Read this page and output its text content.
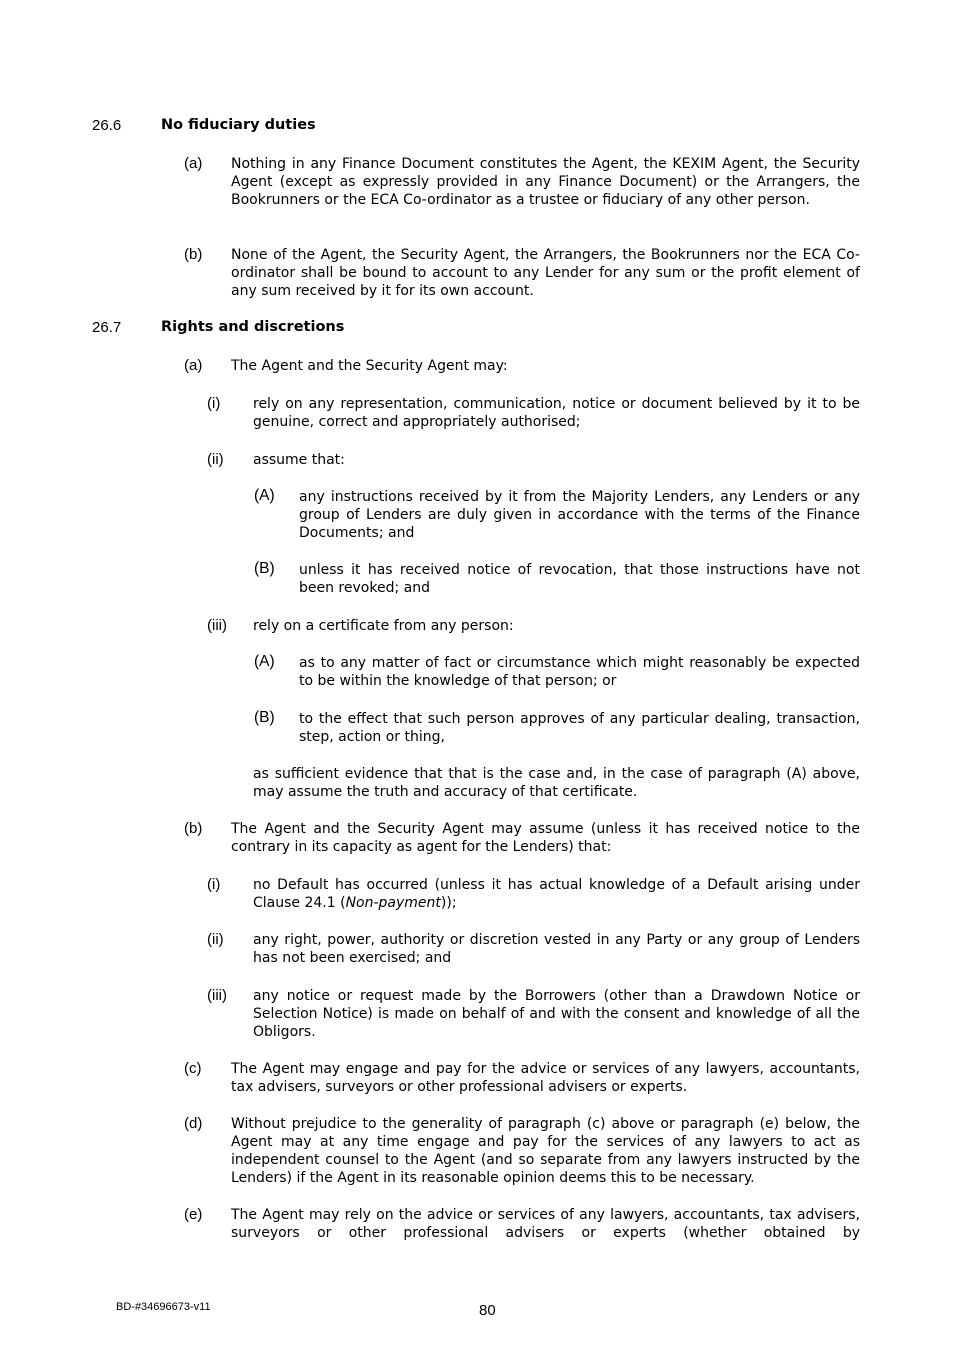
26.6	No fiduciary duties
(a) Nothing in any Finance Document constitutes the Agent, the KEXIM Agent, the Security Agent (except as expressly provided in any Finance Document) or the Arrangers, the Bookrunners or the ECA Co-ordinator as a trustee or fiduciary of any other person.
(b) None of the Agent, the Security Agent, the Arrangers, the Bookrunners nor the ECA Co-ordinator shall be bound to account to any Lender for any sum or the profit element of any sum received by it for its own account.
26.7	Rights and discretions
(a) The Agent and the Security Agent may:
(i) rely on any representation, communication, notice or document believed by it to be genuine, correct and appropriately authorised;
(ii) assume that:
(A) any instructions received by it from the Majority Lenders, any Lenders or any group of Lenders are duly given in accordance with the terms of the Finance Documents; and
(B) unless it has received notice of revocation, that those instructions have not been revoked; and
(iii) rely on a certificate from any person:
(A) as to any matter of fact or circumstance which might reasonably be expected to be within the knowledge of that person; or
(B) to the effect that such person approves of any particular dealing, transaction, step, action or thing,
as sufficient evidence that that is the case and, in the case of paragraph (A) above, may assume the truth and accuracy of that certificate.
(b) The Agent and the Security Agent may assume (unless it has received notice to the contrary in its capacity as agent for the Lenders) that:
(i) no Default has occurred (unless it has actual knowledge of a Default arising under Clause 24.1 (Non-payment));
(ii) any right, power, authority or discretion vested in any Party or any group of Lenders has not been exercised; and
(iii) any notice or request made by the Borrowers (other than a Drawdown Notice or Selection Notice) is made on behalf of and with the consent and knowledge of all the Obligors.
(c) The Agent may engage and pay for the advice or services of any lawyers, accountants, tax advisers, surveyors or other professional advisers or experts.
(d) Without prejudice to the generality of paragraph (c) above or paragraph (e) below, the Agent may at any time engage and pay for the services of any lawyers to act as independent counsel to the Agent (and so separate from any lawyers instructed by the Lenders) if the Agent in its reasonable opinion deems this to be necessary.
(e) The Agent may rely on the advice or services of any lawyers, accountants, tax advisers, surveyors or other professional advisers or experts (whether obtained by
BD-#34696673-v11	80
